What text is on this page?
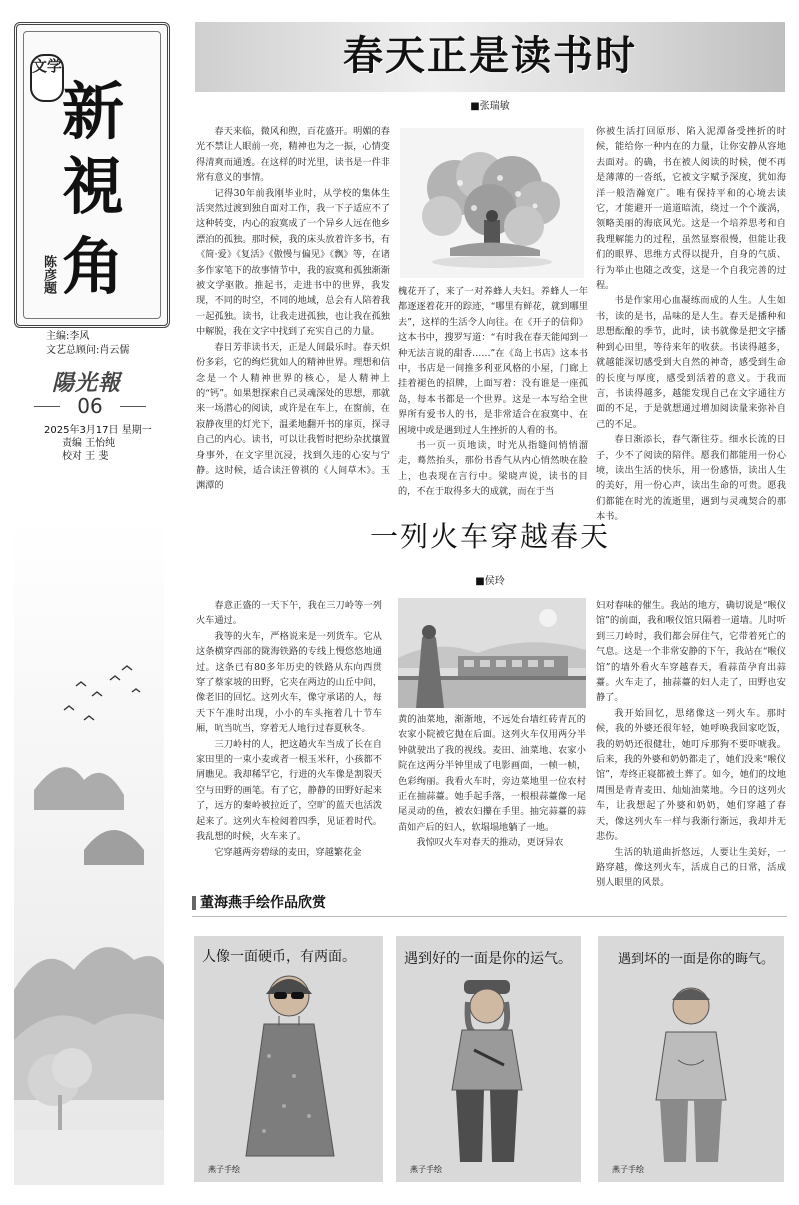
文学
新
視
角
陈彦题
主编:李风
文艺总顾问:肖云儒
陽光報
06
2025年3月17日 星期一
责编 王怡纯
校对 王 斐
春天正是读书时
■张瑞敏

春天来临，微风和煦，百花盛开。明媚的春光不禁让人眼前一亮，精神也为之一振，心情变得清爽而通透。在这样的时光里，读书是一件非常有意义的事情。

记得30年前我刚毕业时，从学校的集体生活突然过渡到独自面对工作，我一下子适应不了这种转变，内心的寂寞成了一个异乡人远在他乡漂泊的孤独。那时候，我的床头放着许多书，有《简·爱》《复活》《傲慢与偏见》《飘》等，在诸多作家笔下的故事情节中，我的寂寞和孤独渐渐被文学驱散。推起书，走进书中的世界，我发现，不同的时空，不同的地域，总会有人陪着我一起孤独。读书，让我走进孤独，也让我在孤独中解脱，我在文字中找到了充实自己的力量。

春日芳菲读书天，正是人间最乐时。春天炽份多彩，它的绚烂犹如人的精神世界。理想和信念是一个人精神世界的核心，是人精神上的“钙”。如果想探索自己灵魂深处的思想，那就来一场潜心的阅读，或许是在车上，在窗前，在寂静夜里的灯光下，温柔地翻开书的扉页，探寻自己的内心。读书，可以让我暂时把纷杂扰攘置身事外，在文字里沉浸，找到久违的心安与宁静。这时候，适合读汪曾祺的《人间草木》。玉渊潭的

槐花开了，来了一对养蜂人夫妇。养蜂人一年都逐逐着花开的踪迹，“哪里有鲜花，就到哪里去”，这样的生活令人向往。在《开子的信仰》这本书中，搜罗写道：“有时我在春天能闻到一种无法言说的甜香……”在《岛上书店》这本书中，书店是一间推多利亚风格的小屋，门廊上挂着褪色的招牌，上面写着：没有谁是一座孤岛，每本书都是一个世界。这是一本写给全世界所有爱书人的书，是非常适合在寂寞中、在困境中或是遇到过人生挫折的人看的书。

书一页一页地读，时光从指缝间悄悄溜走，蓦然抬头，那份书香气从内心悄然映在脸上，也表现在言行中。梁晓声说，读书的目的，不在于取得多大的成就，而在于当

你被生活打回原形、陷入泥潭备受挫折的时候，能给你一种内在的力量，让你安静从容地去面对。的确，书在被人阅读的时候，便不再是薄薄的一沓纸，它被文字赋予深度，犹如海洋一般浩瀚宽广。唯有保持平和的心境去读它，才能避开一道道暗流，绕过一个个漩涡，领略美丽的海底风光。这是一个培养思考和自我理解能力的过程，虽然显察很慢，但能让我们的眼界、思维方式得以提升，自身的气质、行为举止也随之改变，这是一个自我完善的过程。

书是作家用心血凝练而成的人生。人生如书，读的是书，品味的是人生。春天是播种和思想酝酿的季节，此时，读书就像是把文字播种到心田里，等待来年的收获。书读得越多，就越能深切感受到大自然的神奇，感受到生命的长度与厚度，感受到活着的意义。于我而言，书读得越多，越能发现自己在文字通往方面的不足，于是就想通过增加阅读量来弥补自己的不足。

春日渐添长，春气渐往芬。细水长流的日子，少不了阅读的陪伴。愿我们都能用一份心境，读出生活的快乐，用一份感悟，读出人生的美好，用一份心声，读出生命的可贵。愿我们都能在时光的流逝里，遇到与灵魂契合的那本书。

一列火车穿越春天
■侯玲

春意正盛的一天下午，我在三刀岭等一列火车通过。

我等的火车，严格说来是一列货车。它从这条横穿西部的陇海铁路的专线上慢悠悠地通过。这条已有80多年历史的铁路从东向西贯穿了蔡家坡的田野，它夹在两边的山丘中间，像老旧的回忆。这列火车，像守承诺的人，每天下午准时出现，小小的车头拖着几十节车厢，吭当吭当，穿着无人地行过春夏秋冬。

三刀岭村的人，把这趟火车当成了长在自家田里的一束小麦或者一根玉米秆，小孩都不屑瞧见。我却稀罕它，行进的火车像是割裂天空与田野的画笔。有了它，静静的田野好起来了，远方的秦岭被拉近了，空旷的蓝天也活泼起来了。这列火车检阅着四季，见证着时代。我乱想的时候，火车来了。

它穿越两旁碧绿的麦田，穿越繁花金

黄的油菜地，渐渐地，不远处台墙红砖青瓦的农家小院被它抛在后面。这列火车仅用两分半钟就驶出了我的视线。麦田、油菜地、农家小院在这两分半钟里成了电影画面，一帧一帧，色彩绚丽。我看火车时，旁边菜地里一位农村正在抽蒜薹。她手起手落，一根根蒜薹像一尾尾灵动的鱼，被农妇攥在手里。抽完蒜薹的蒜苗如产后的妇人，软塌塌地躺了一地。

我惊叹火车对春天的推动，更讶异农

妇对春味的催生。我站的地方，确切说是“喉仪馆”的前面，我和喉仪馆只隔着一道墙。儿时听到三刀岭时，我们都会屏住气，它带着死亡的气息。这是一个非常安静的下午，我站在“喉仪馆”的墙外看火车穿越春天，看蒜苗孕育出蒜薹。火车走了，抽蒜薹的妇人走了，田野也安静了。

我开始回忆，思绪像这一列火车。那时候，我的外婆还很年轻，她呼唤我回家吃饭，我的奶奶还很健壮，她叮斥那狗不要吓唬我。后来，我的外婆和奶奶都走了，她们没来“喉仪馆”，寿终正寝都被土葬了。如今，她们的坟地周围是青青麦田、灿灿油菜地。今日的这列火车，让我想起了外婆和奶奶，她们穿越了春天，像这列火车一样与我渐行渐远，我却并无悲伤。

生活的轨道曲折悠远，人要让生美好，一路穿越，像这列火车，活成自己的日常，活成别人眼里的风景。

董海燕手绘作品欣赏
人像一面硬币，有两面。
燕子手绘
遇到好的一面是你的运气。
燕子手绘
遇到坏的一面是你的晦气。
燕子手绘
